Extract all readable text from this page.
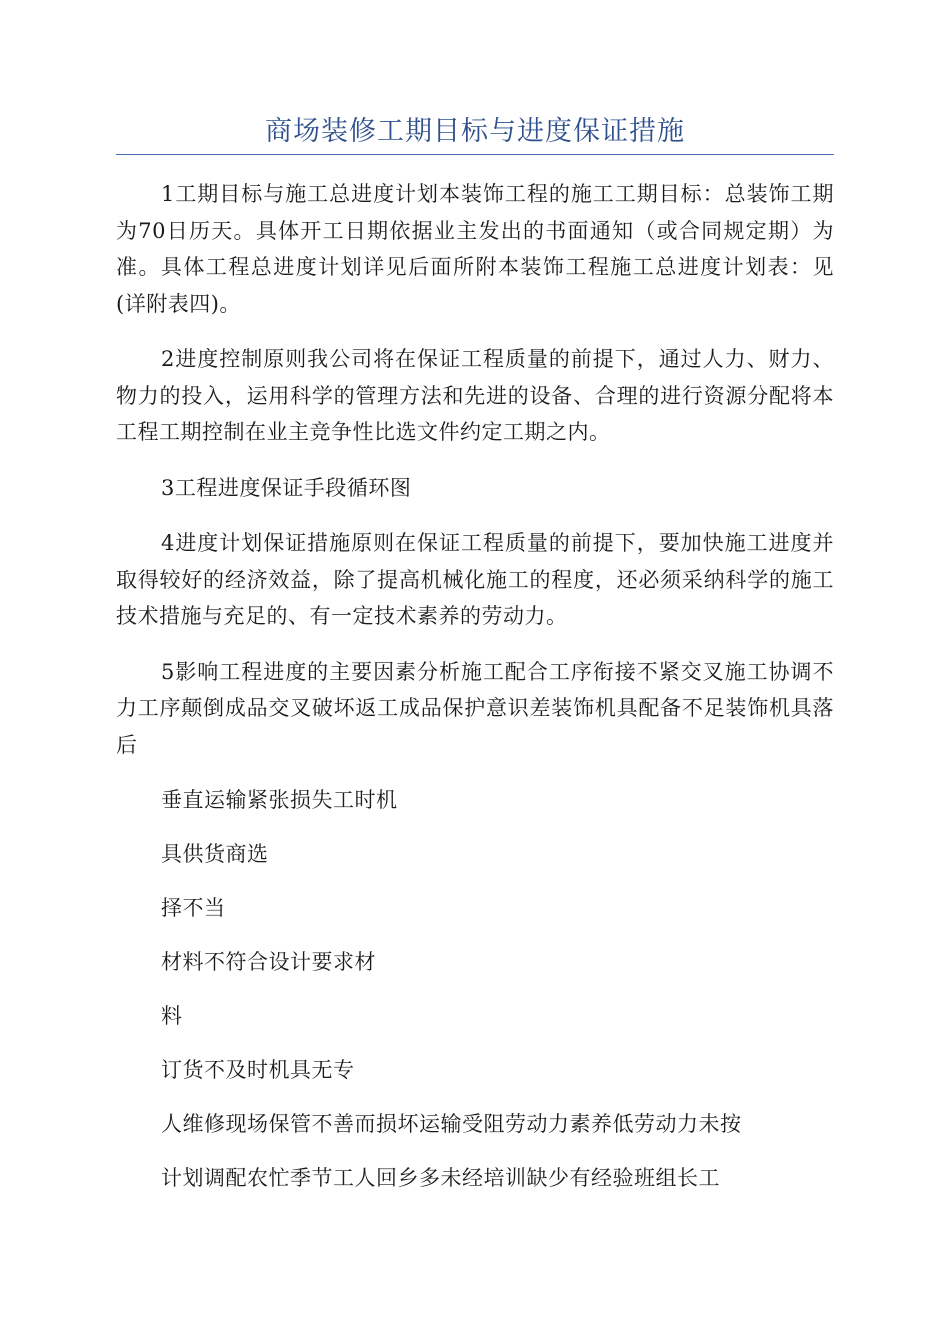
商场装修工期目标与进度保证措施

1工期目标与施工总进度计划本装饰工程的施工工期目标：总装饰工期为70日历天。具体开工日期依据业主发出的书面通知（或合同规定期）为准。具体工程总进度计划详见后面所附本装饰工程施工总进度计划表：见(详附表四)。

2进度控制原则我公司将在保证工程质量的前提下，通过人力、财力、物力的投入，运用科学的管理方法和先进的设备、合理的进行资源分配将本工程工期控制在业主竞争性比选文件约定工期之内。

3工程进度保证手段循环图

4进度计划保证措施原则在保证工程质量的前提下，要加快施工进度并取得较好的经济效益，除了提高机械化施工的程度，还必须采纳科学的施工技术措施与充足的、有一定技术素养的劳动力。

5影响工程进度的主要因素分析施工配合工序衔接不紧交叉施工协调不力工序颠倒成品交叉破坏返工成品保护意识差装饰机具配备不足装饰机具落后

垂直运输紧张损失工时机
具供货商选
择不当
材料不符合设计要求材
料
订货不及时机具无专
人维修现场保管不善而损坏运输受阻劳动力素养低劳动力未按
计划调配农忙季节工人回乡多未经培训缺少有经验班组长工
